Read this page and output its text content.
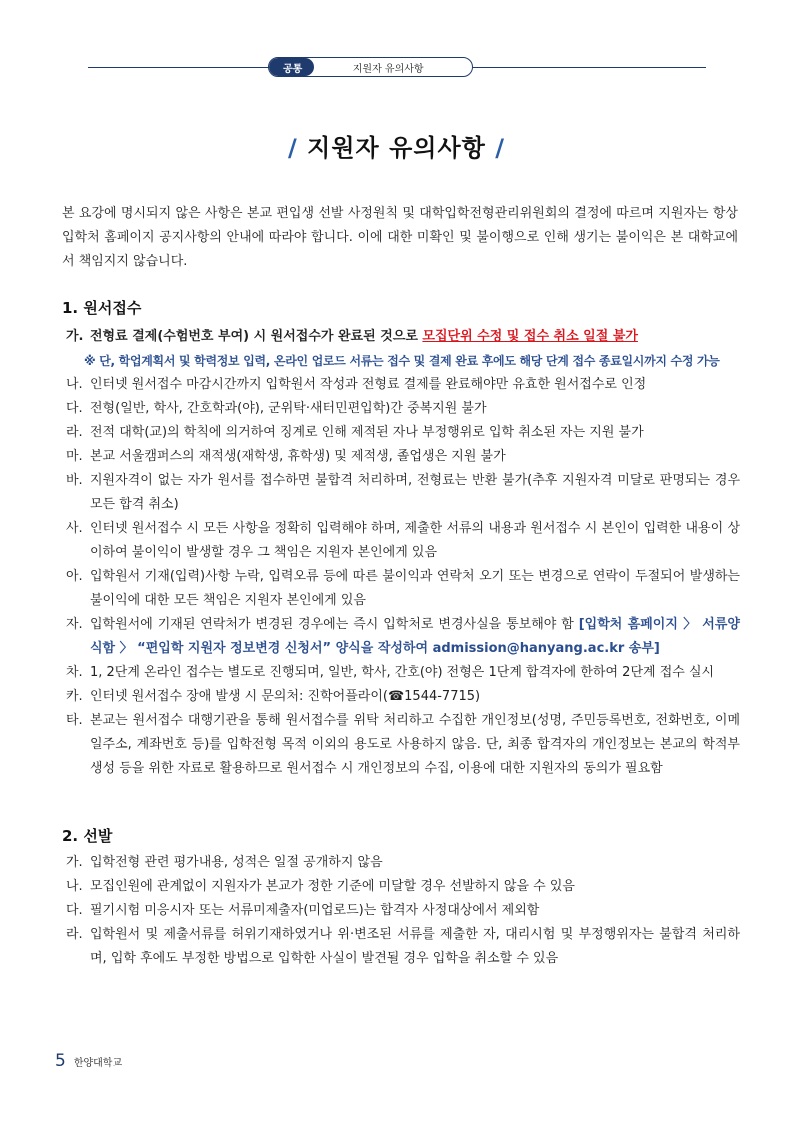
공통	지원자 유의사항
/ 지원자 유의사항 /
본 요강에 명시되지 않은 사항은 본교 편입생 선발 사정원칙 및 대학입학전형관리위원회의 결정에 따르며 지원자는 항상 입학처 홈페이지 공지사항의 안내에 따라야 합니다. 이에 대한 미확인 및 불이행으로 인해 생기는 불이익은 본 대학교에서 책임지지 않습니다.
1. 원서접수
가. 전형료 결제(수험번호 부여) 시 원서접수가 완료된 것으로 모집단위 수정 및 접수 취소 일절 불가
※ 단, 학업계획서 및 학력정보 입력, 온라인 업로드 서류는 접수 및 결제 완료 후에도 해당 단계 접수 종료일시까지 수정 가능
나. 인터넷 원서접수 마감시간까지 입학원서 작성과 전형료 결제를 완료해야만 유효한 원서접수로 인정
다. 전형(일반, 학사, 간호학과(야), 군위탁·새터민편입학)간 중복지원 불가
라. 전적 대학(교)의 학칙에 의거하여 징계로 인해 제적된 자나 부정행위로 입학 취소된 자는 지원 불가
마. 본교 서울캠퍼스의 재적생(재학생, 휴학생) 및 제적생, 졸업생은 지원 불가
바. 지원자격이 없는 자가 원서를 접수하면 불합격 처리하며, 전형료는 반환 불가(추후 지원자격 미달로 판명되는 경우 모든 합격 취소)
사. 인터넷 원서접수 시 모든 사항을 정확히 입력해야 하며, 제출한 서류의 내용과 원서접수 시 본인이 입력한 내용이 상이하여 불이익이 발생할 경우 그 책임은 지원자 본인에게 있음
아. 입학원서 기재(입력)사항 누락, 입력오류 등에 따른 불이익과 연락처 오기 또는 변경으로 연락이 두절되어 발생하는 불이익에 대한 모든 책임은 지원자 본인에게 있음
자. 입학원서에 기재된 연락처가 변경된 경우에는 즉시 입학처로 변경사실을 통보해야 함 [입학처 홈페이지 〉 서류양식함 〉 “편입학 지원자 정보변경 신청서” 양식을 작성하여 admission@hanyang.ac.kr 송부]
차. 1, 2단계 온라인 접수는 별도로 진행되며, 일반, 학사, 간호(야) 전형은 1단계 합격자에 한하여 2단계 접수 실시
카. 인터넷 원서접수 장애 발생 시 문의처: 진학어플라이(☎1544-7715)
타. 본교는 원서접수 대행기관을 통해 원서접수를 위탁 처리하고 수집한 개인정보(성명, 주민등록번호, 전화번호, 이메일주소, 계좌번호 등)를 입학전형 목적 이외의 용도로 사용하지 않음. 단, 최종 합격자의 개인정보는 본교의 학적부 생성 등을 위한 자료로 활용하므로 원서접수 시 개인정보의 수집, 이용에 대한 지원자의 동의가 필요함
2. 선발
가. 입학전형 관련 평가내용, 성적은 일절 공개하지 않음
나. 모집인원에 관계없이 지원자가 본교가 정한 기준에 미달할 경우 선발하지 않을 수 있음
다. 필기시험 미응시자 또는 서류미제출자(미업로드)는 합격자 사정대상에서 제외함
라. 입학원서 및 제출서류를 허위기재하였거나 위·변조된 서류를 제출한 자, 대리시험 및 부정행위자는 불합격 처리하며, 입학 후에도 부정한 방법으로 입학한 사실이 발견될 경우 입학을 취소할 수 있음
5 한양대학교
